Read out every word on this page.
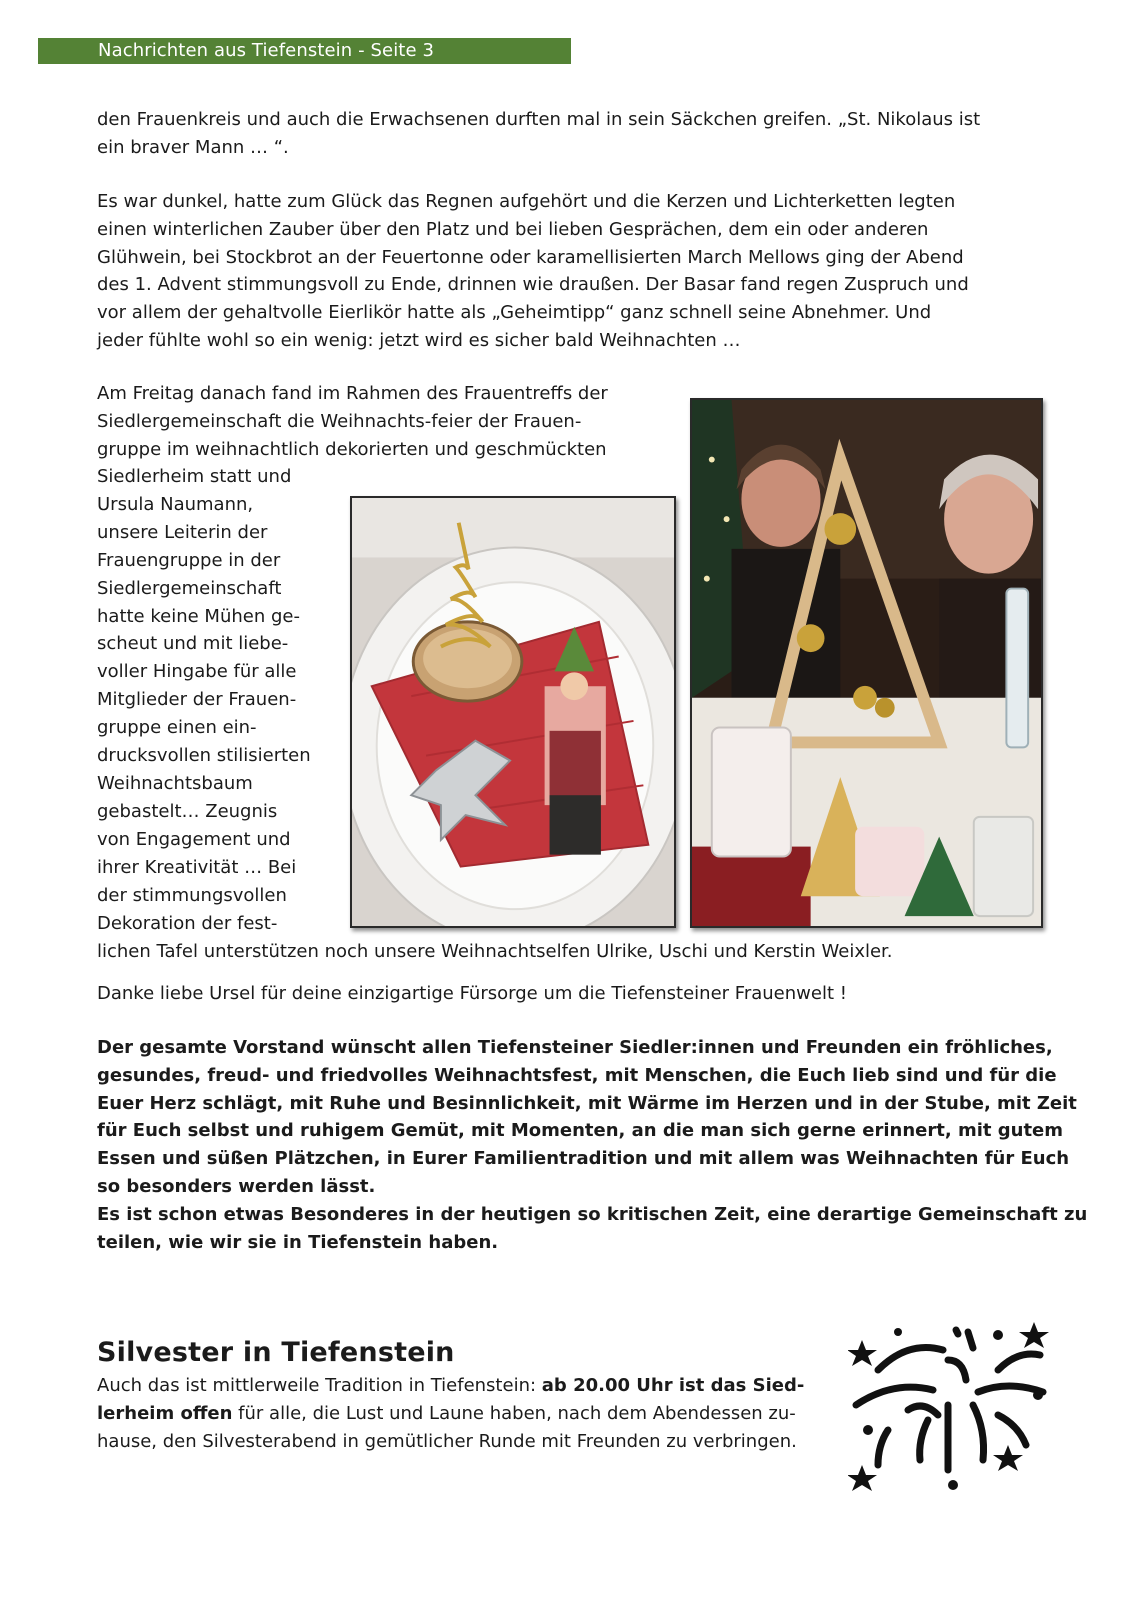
Nachrichten aus Tiefenstein - Seite 3

den Frauenkreis und auch die Erwachsenen durften mal in sein Säckchen greifen. „St. Nikolaus ist
ein braver Mann … “.

Es war dunkel, hatte zum Glück das Regnen aufgehört und die Kerzen und Lichterketten legten
einen winterlichen Zauber über den Platz und bei lieben Gesprächen, dem ein oder anderen
Glühwein, bei Stockbrot an der Feuertonne oder karamellisierten March Mellows ging der Abend
des 1. Advent stimmungsvoll zu Ende, drinnen wie draußen. Der Basar fand regen Zuspruch und
vor allem der gehaltvolle Eierlikör hatte als „Geheimtipp“ ganz schnell seine Abnehmer. Und
jeder fühlte wohl so ein wenig: jetzt wird es sicher bald Weihnachten …

Am Freitag danach fand im Rahmen des Frauentreffs der
Siedlergemeinschaft die Weihnachts-feier der Frauen-
gruppe im weihnachtlich dekorierten und geschmückten
Siedlerheim statt und
Ursula Naumann,
unsere Leiterin der
Frauengruppe in der
Siedlergemeinschaft
hatte keine Mühen ge-
scheut und mit liebe-
voller Hingabe für alle
Mitglieder der Frauen-
gruppe einen ein-
drucksvollen stilisierten
Weihnachtsbaum
gebastelt… Zeugnis
von Engagement und
ihrer Kreativität … Bei
der stimmungsvollen
Dekoration der fest-
lichen Tafel unterstützen noch unsere Weihnachtselfen Ulrike, Uschi und Kerstin Weixler.

Danke liebe Ursel für deine einzigartige Fürsorge um die Tiefensteiner Frauenwelt !

Der gesamte Vorstand wünscht allen Tiefensteiner Siedler:innen und Freunden ein fröhliches,
gesundes, freud- und friedvolles Weihnachtsfest, mit Menschen, die Euch lieb sind und für die
Euer Herz schlägt, mit Ruhe und Besinnlichkeit, mit Wärme im Herzen und in der Stube, mit Zeit
für Euch selbst und ruhigem Gemüt, mit Momenten, an die man sich gerne erinnert, mit gutem
Essen und süßen Plätzchen, in Eurer Familientradition und mit allem was Weihnachten für Euch
so besonders werden lässt.
Es ist schon etwas Besonderes in der heutigen so kritischen Zeit, eine derartige Gemeinschaft zu
teilen, wie wir sie in Tiefenstein haben.

Silvester in Tiefenstein

Auch das ist mittlerweile Tradition in Tiefenstein: ab 20.00 Uhr ist das Sied-
lerheim offen für alle, die Lust und Laune haben, nach dem Abendessen zu-
hause, den Silvesterabend in gemütlicher Runde mit Freunden zu verbringen.
